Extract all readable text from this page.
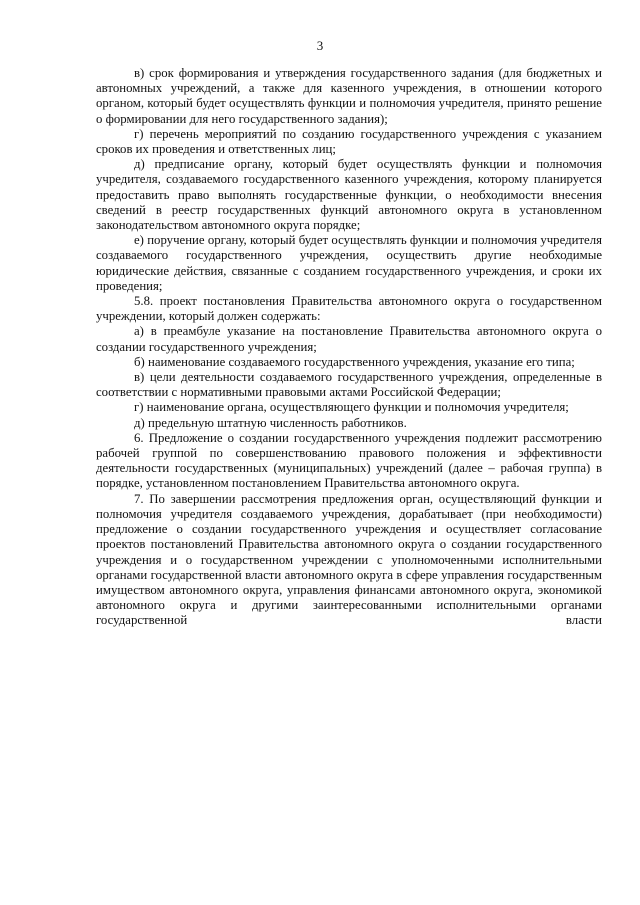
3

в) срок формирования и утверждения государственного задания (для бюджетных и автономных учреждений, а также для казенного учреждения, в отношении которого органом, который будет осуществлять функции и полномочия учредителя, принято решение о формировании для него государственного задания);

г) перечень мероприятий по созданию государственного учреждения с указанием сроков их проведения и ответственных лиц;

д) предписание органу, который будет осуществлять функции и полномочия учредителя, создаваемого государственного казенного учреждения, которому планируется предоставить право выполнять государственные функции, о необходимости внесения сведений в реестр государственных функций автономного округа в установленном законодательством автономного округа порядке;

е) поручение органу, который будет осуществлять функции и полномочия учредителя создаваемого государственного учреждения, осуществить другие необходимые юридические действия, связанные с созданием государственного учреждения, и сроки их проведения;

5.8. проект постановления Правительства автономного округа о государственном учреждении, который должен содержать:

а) в преамбуле указание на постановление Правительства автономного округа о создании государственного учреждения;

б) наименование создаваемого государственного учреждения, указание его типа;

в) цели деятельности создаваемого государственного учреждения, определенные в соответствии с нормативными правовыми актами Российской Федерации;

г) наименование органа, осуществляющего функции и полномочия учредителя;

д) предельную штатную численность работников.

6. Предложение о создании государственного учреждения подлежит рассмотрению рабочей группой по совершенствованию правового положения и эффективности деятельности государственных (муниципальных) учреждений (далее – рабочая группа) в порядке, установленном постановлением Правительства автономного округа.

7. По завершении рассмотрения предложения орган, осуществляющий функции и полномочия учредителя создаваемого учреждения, дорабатывает (при необходимости) предложение о создании государственного учреждения и осуществляет согласование проектов постановлений Правительства автономного округа о создании государственного учреждения и о государственном учреждении с уполномоченными исполнительными органами государственной власти автономного округа в сфере управления государственным имуществом автономного округа, управления финансами автономного округа, экономикой автономного округа и другими заинтересованными исполнительными органами государственной власти
